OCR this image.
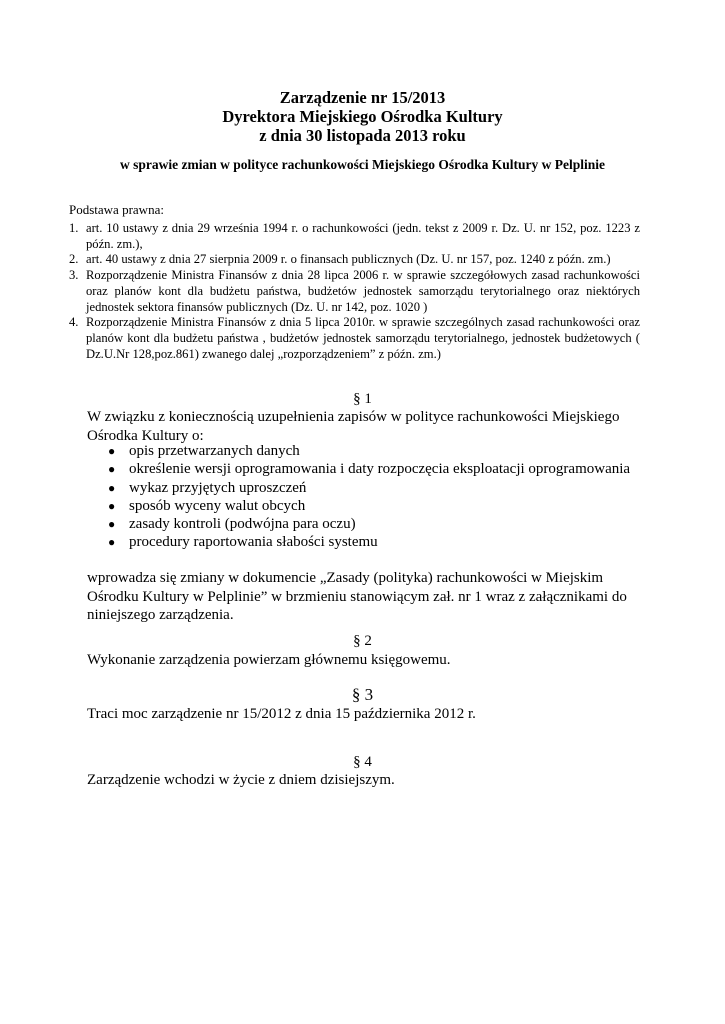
Zarządzenie nr 15/2013
Dyrektora Miejskiego Ośrodka Kultury
z dnia 30 listopada 2013 roku
w sprawie zmian w polityce rachunkowości Miejskiego Ośrodka Kultury w Pelplinie
Podstawa prawna:
1. art. 10 ustawy z dnia 29 września 1994 r. o rachunkowości (jedn. tekst z 2009 r. Dz. U. nr 152, poz. 1223 z późn. zm.),
2. art. 40 ustawy z dnia 27 sierpnia 2009 r. o finansach publicznych (Dz. U. nr 157, poz. 1240 z późn. zm.)
3. Rozporządzenie Ministra Finansów z dnia 28 lipca 2006 r. w sprawie szczegółowych zasad rachunkowości oraz planów kont dla budżetu państwa, budżetów jednostek samorządu terytorialnego oraz niektórych jednostek sektora finansów publicznych (Dz. U. nr 142, poz. 1020 )
4. Rozporządzenie Ministra Finansów z dnia 5 lipca 2010r. w sprawie szczególnych zasad rachunkowości oraz planów kont dla budżetu państwa , budżetów jednostek samorządu terytorialnego, jednostek budżetowych ( Dz.U.Nr 128,poz.861) zwanego dalej „rozporządzeniem” z późn. zm.)
§ 1
W związku z koniecznością uzupełnienia zapisów w polityce rachunkowości Miejskiego Ośrodka Kultury o:
● opis przetwarzanych danych
● określenie wersji oprogramowania i daty rozpoczęcia eksploatacji oprogramowania
● wykaz przyjętych uproszczeń
● sposób wyceny walut obcych
● zasady kontroli (podwójna para oczu)
● procedury raportowania słabości systemu
wprowadza się zmiany w dokumencie „Zasady (polityka) rachunkowości w Miejskim Ośrodku Kultury w Pelplinie” w brzmieniu stanowiącym zał. nr 1 wraz z załącznikami do niniejszego zarządzenia.
§ 2
Wykonanie zarządzenia powierzam głównemu księgowemu.
§ 3
Traci moc zarządzenie nr 15/2012 z dnia 15 października 2012 r.
§ 4
Zarządzenie wchodzi w życie z dniem dzisiejszym.
